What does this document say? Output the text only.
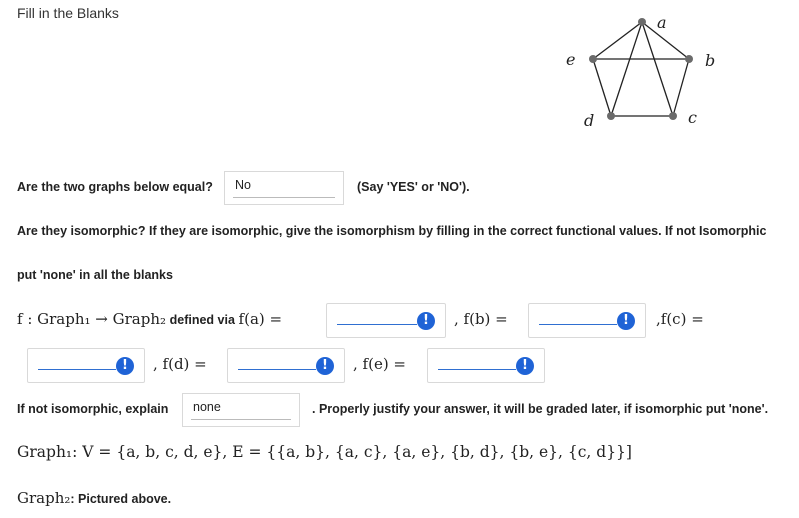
Fill in the Blanks	a
e	b
d	c
Are the two graphs below equal?	No	(Say 'YES' or 'NO').
Are they isomorphic? If they are isomorphic, give the isomorphism by filling in the correct functional values. If not Isomorphic
put 'none' in all the blanks
f : Graph₁ → Graph₂ defined via f(a) =	!	, f(b) =	!	,f(c) =
!	, f(d) =	!	, f(e) =	!
If not isomorphic, explain	none	. Properly justify your answer, it will be graded later, if isomorphic put 'none'.
Graph₁: V = {a, b, c, d, e}, E = {{a, b}, {a, c}, {a, e}, {b, d}, {b, e}, {c, d}}]
Graph₂: Pictured above.
